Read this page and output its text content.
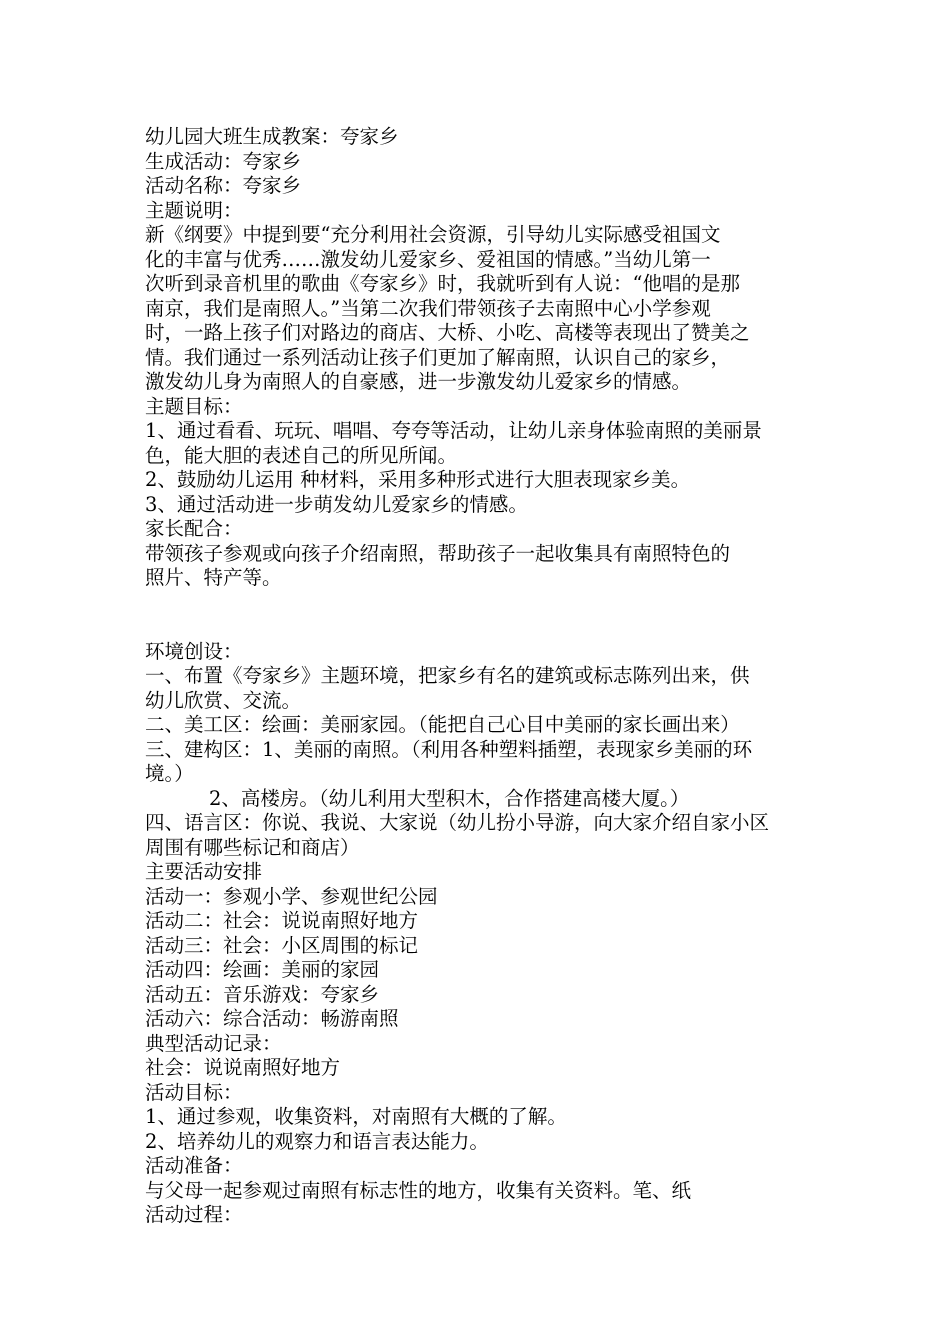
幼儿园大班生成教案：夸家乡

生成活动：夸家乡

活动名称：夸家乡

主题说明：

新《纲要》中提到要“充分利用社会资源，引导幼儿实际感受祖国文

化的丰富与优秀……激发幼儿爱家乡、爱祖国的情感。”当幼儿第一

次听到录音机里的歌曲《夸家乡》时，我就听到有人说：“他唱的是那

南京，我们是南照人。”当第二次我们带领孩子去南照中心小学参观

时，一路上孩子们对路边的商店、大桥、小吃、高楼等表现出了赞美之

情。我们通过一系列活动让孩子们更加了解南照，认识自己的家乡，

激发幼儿身为南照人的自豪感，进一步激发幼儿爱家乡的情感。

主题目标：

1、通过看看、玩玩、唱唱、夸夸等活动，让幼儿亲身体验南照的美丽景

色，能大胆的表述自己的所见所闻。

2、鼓励幼儿运用 种材料，采用多种形式进行大胆表现家乡美。

3、通过活动进一步萌发幼儿爱家乡的情感。

家长配合：

带领孩子参观或向孩子介绍南照，帮助孩子一起收集具有南照特色的

照片、特产等。

环境创设：

一、布置《夸家乡》主题环境，把家乡有名的建筑或标志陈列出来，供

幼儿欣赏、交流。

二、美工区：绘画：美丽家园。（能把自己心目中美丽的家长画出来）

三、建构区：1、美丽的南照。（利用各种塑料插塑，表现家乡美丽的环

境。）

2、高楼房。（幼儿利用大型积木，合作搭建高楼大厦。）

四、语言区：你说、我说、大家说（幼儿扮小导游，向大家介绍自家小区

周围有哪些标记和商店）

主要活动安排

活动一：参观小学、参观世纪公园

活动二：社会：说说南照好地方

活动三：社会：小区周围的标记

活动四：绘画：美丽的家园

活动五：音乐游戏：夸家乡

活动六：综合活动：畅游南照

典型活动记录：

社会：说说南照好地方

活动目标：

1、通过参观，收集资料，对南照有大概的了解。

2、培养幼儿的观察力和语言表达能力。

活动准备：

与父母一起参观过南照有标志性的地方，收集有关资料。笔、纸

活动过程：
